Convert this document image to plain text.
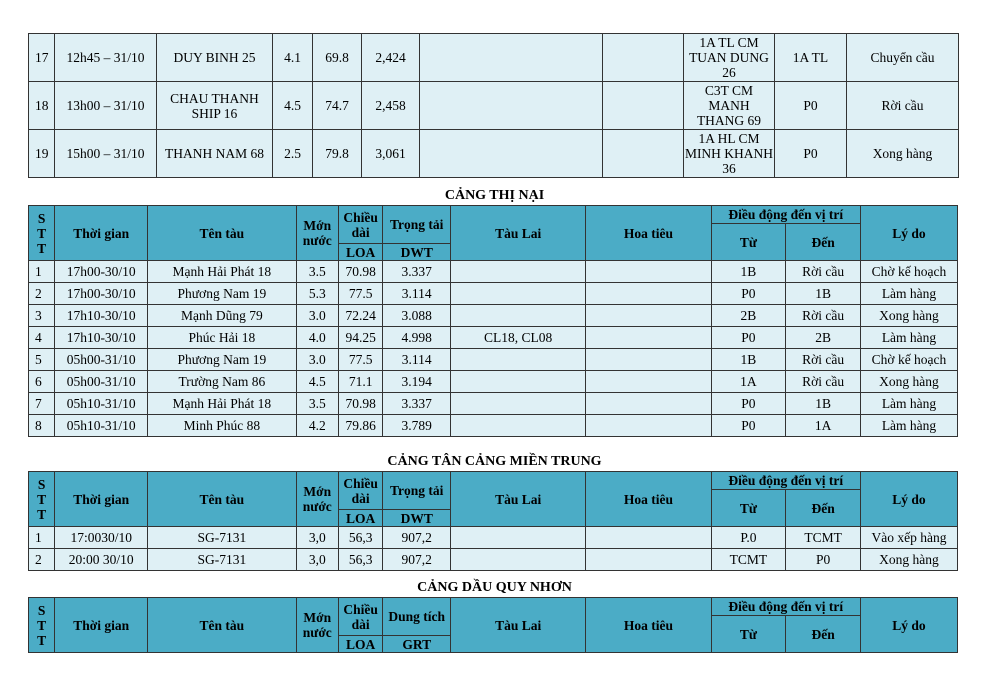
17	12h45 – 31/10	DUY BINH 25	4.1	69.8	2,424			1A TL CM TUAN DUNG 26	1A TL	Chuyển cầu
18	13h00 – 31/10	CHAU THANH SHIP 16	4.5	74.7	2,458			C3T CM MANH THANG 69	P0	Rời cầu
19	15h00 – 31/10	THANH NAM 68	2.5	79.8	3,061			1A HL CM MINH KHANH 36	P0	Xong hàng
CẢNG THỊ NẠI
S
T
T	Thời gian	Tên tàu	Mớn nước	Chiều dài	Trọng tải	Tàu Lai	Hoa tiêu	Điều động đến vị trí		Lý do
								Từ	Đến	
				LOA	DWT					
1	17h00-30/10	Mạnh Hải Phát 18	3.5	70.98	3.337			1B	Rời cầu	Chờ kế hoạch
2	17h00-30/10	Phương Nam 19	5.3	77.5	3.114			P0	1B	Làm hàng
3	17h10-30/10	Mạnh Dũng 79	3.0	72.24	3.088			2B	Rời cầu	Xong hàng
4	17h10-30/10	Phúc Hải 18	4.0	94.25	4.998	CL18, CL08		P0	2B	Làm hàng
5	05h00-31/10	Phương Nam 19	3.0	77.5	3.114			1B	Rời cầu	Chờ kế hoạch
6	05h00-31/10	Trường Nam 86	4.5	71.1	3.194			1A	Rời cầu	Xong hàng
7	05h10-31/10	Mạnh Hải Phát 18	3.5	70.98	3.337			P0	1B	Làm hàng
8	05h10-31/10	Minh Phúc 88	4.2	79.86	3.789			P0	1A	Làm hàng
CẢNG TÂN CẢNG MIỀN TRUNG
S
T
T	Thời gian	Tên tàu	Mớn nước	Chiều dài	Trọng tải	Tàu Lai	Hoa tiêu	Điều động đến vị trí		Lý do
								Từ	Đến	
				LOA	DWT					
1	17:0030/10	SG-7131	3,0	56,3	907,2			P.0	TCMT	Vào xếp hàng
2	20:00 30/10	SG-7131	3,0	56,3	907,2			TCMT	P0	Xong hàng
CẢNG DẦU QUY NHƠN
S
T
T	Thời gian	Tên tàu	Mớn nước	Chiều dài	Dung tích	Tàu Lai	Hoa tiêu	Điều động đến vị trí		Lý do
								Từ	Đến	
				LOA	GRT					
